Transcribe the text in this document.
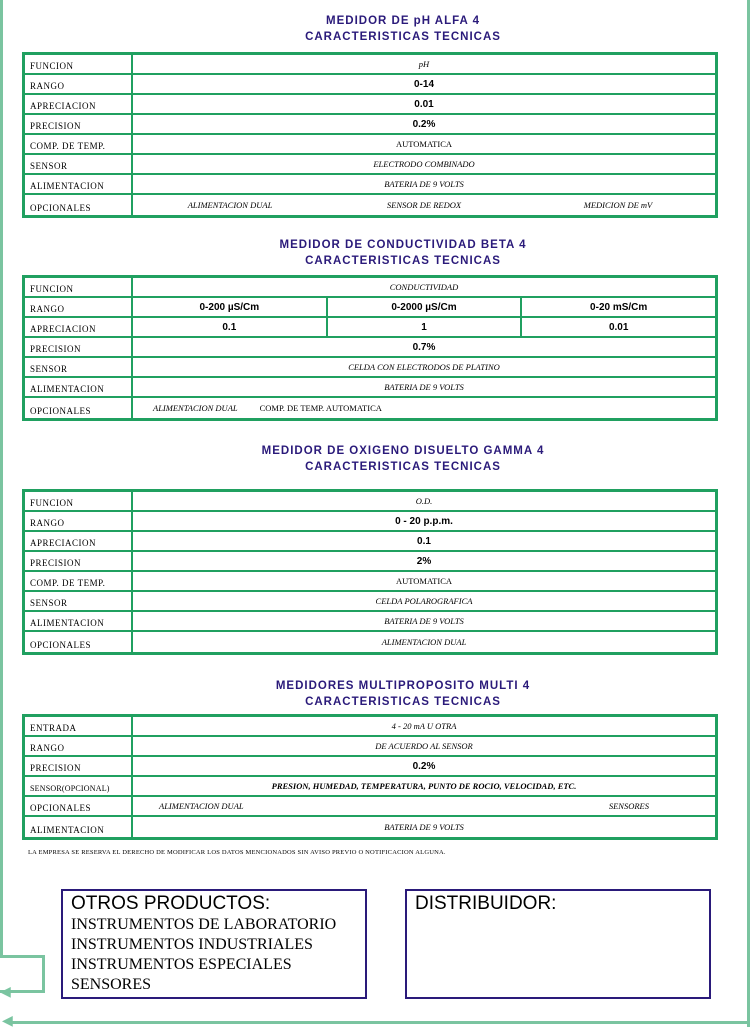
◀
◀
MEDIDOR DE pH ALFA 4
CARACTERISTICAS TECNICAS
FUNCION	pH
RANGO	0-14
APRECIACION	0.01
PRECISION	0.2%
COMP. DE TEMP.	AUTOMATICA
SENSOR	ELECTRODO COMBINADO
ALIMENTACION	BATERIA DE 9 VOLTS
OPCIONALES	ALIMENTACION DUAL	SENSOR DE REDOX	MEDICION DE mV
MEDIDOR DE CONDUCTIVIDAD BETA 4
CARACTERISTICAS TECNICAS
FUNCION	CONDUCTIVIDAD
RANGO	0-200 µS/Cm	0-2000 µS/Cm	0-20 mS/Cm
APRECIACION	0.1	1	0.01
PRECISION	0.7%
SENSOR	CELDA CON ELECTRODOS DE PLATINO
ALIMENTACION	BATERIA DE 9 VOLTS
OPCIONALES	ALIMENTACION DUAL	COMP. DE TEMP. AUTOMATICA
MEDIDOR DE OXIGENO DISUELTO GAMMA 4
CARACTERISTICAS TECNICAS
FUNCION	O.D.
RANGO	0 - 20 p.p.m.
APRECIACION	0.1
PRECISION	2%
COMP. DE TEMP.	AUTOMATICA
SENSOR	CELDA POLAROGRAFICA
ALIMENTACION	BATERIA DE 9 VOLTS
OPCIONALES	ALIMENTACION DUAL
MEDIDORES MULTIPROPOSITO MULTI 4
CARACTERISTICAS TECNICAS
ENTRADA	4 - 20 mA U OTRA
RANGO	DE ACUERDO AL SENSOR
PRECISION	0.2%
SENSOR(OPCIONAL)	PRESION, HUMEDAD, TEMPERATURA, PUNTO DE ROCIO, VELOCIDAD, ETC.
OPCIONALES	ALIMENTACION DUAL	SENSORES
ALIMENTACION	BATERIA DE 9 VOLTS
LA EMPRESA SE RESERVA EL DERECHO DE MODIFICAR LOS DATOS MENCIONADOS SIN AVISO PREVIO O NOTIFICACION ALGUNA.
OTROS PRODUCTOS:
INSTRUMENTOS DE LABORATORIO
INSTRUMENTOS INDUSTRIALES
INSTRUMENTOS ESPECIALES
SENSORES
DISTRIBUIDOR:
